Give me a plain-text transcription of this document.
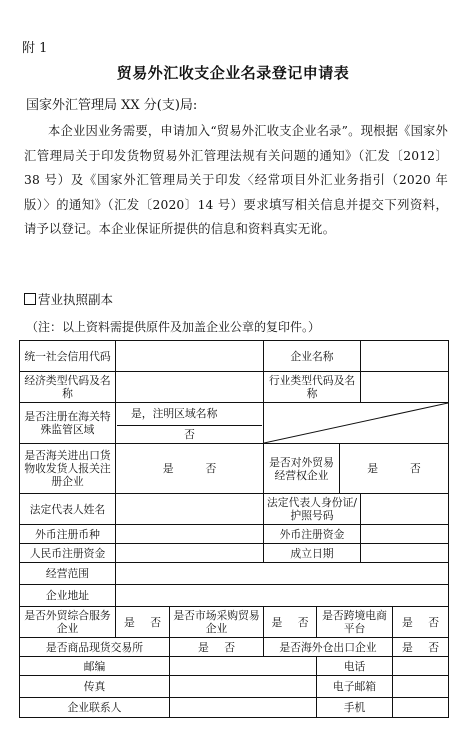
附 1
贸易外汇收支企业名录登记申请表
国家外汇管理局 XX 分(支)局:
本企业因业务需要，申请加入“贸易外汇收支企业名录”。现根据《国家外汇管理局关于印发货物贸易外汇管理法规有关问题的通知》（汇发〔2012〕38 号）及《国家外汇管理局关于印发〈经常项目外汇业务指引（2020 年版）〉的通知》（汇发〔2020〕14 号）要求填写相关信息并提交下列资料，请予以登记。本企业保证所提供的信息和资料真实无讹。
营业执照副本
（注：以上资料需提供原件及加盖企业公章的复印件。）
统一社会信用代码			企业名称				
经济类型代码及名称			行业类型代码及名称				
是否注册在海关特殊监管区域	是，注明区域名称
否

是否海关进出口货物收发货人报关注册企业	是 否		是否对外贸易经营权企业		是 否		
法定代表人姓名			法定代表人身份证/护照号码				
外币注册币种			外币注册资金				
人民币注册资金			成立日期				
经营范围							
企业地址							
是否外贸综合服务企业	是 否	是否市场采购贸易企业	是 否	是否跨境电商平台			是 否
是否商品现货交易所		是 否	是否海外仓出口企业				是 否
邮编				电话			
传真				电子邮箱			
企业联系人				手机			
